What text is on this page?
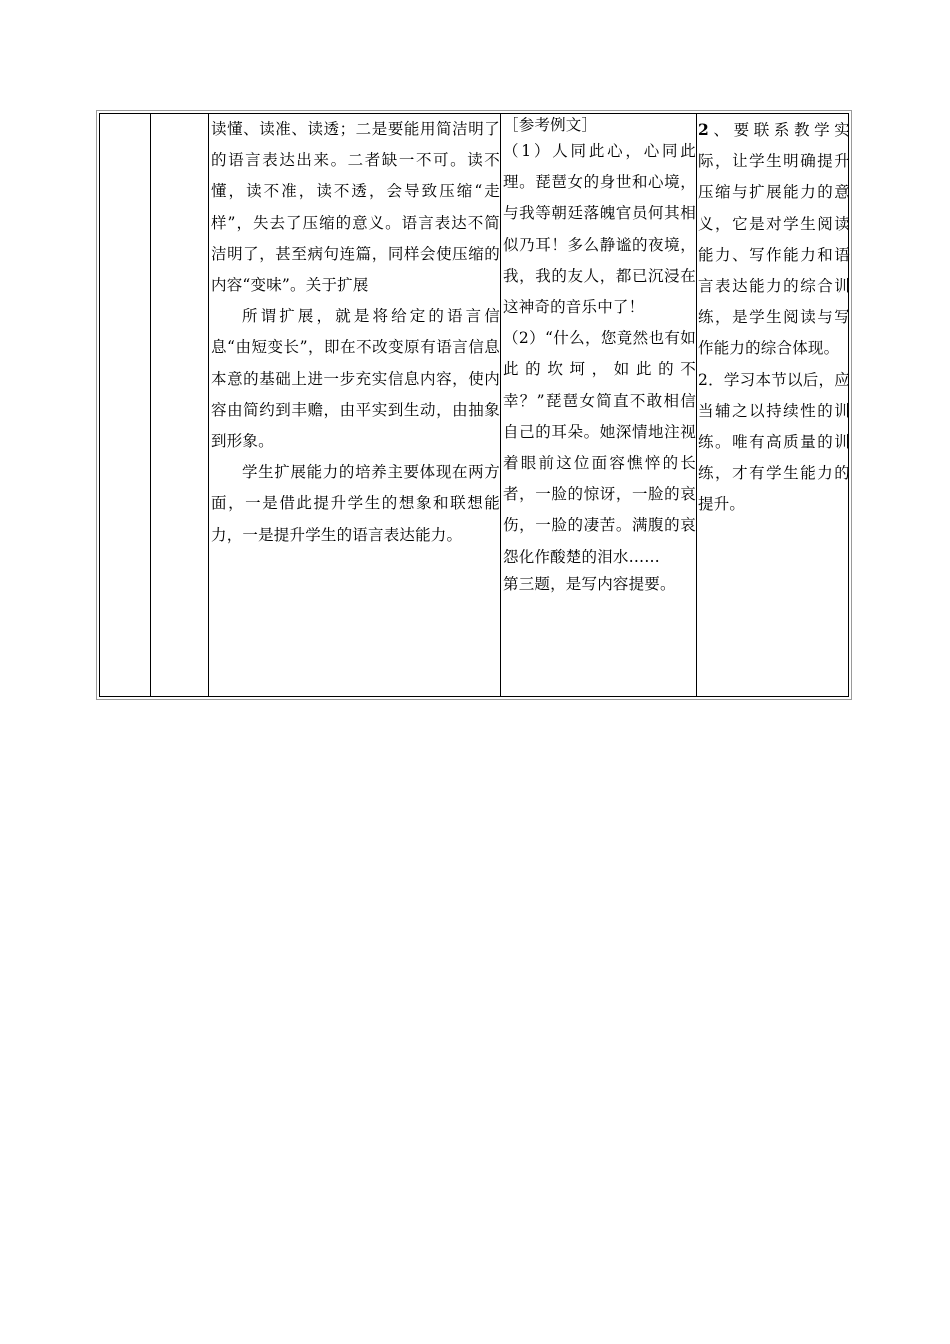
读懂、读准、读透；二是要能用简洁明了的语言表达出来。二者缺一不可。读不懂，读不准，读不透，会导致压缩“走样”，失去了压缩的意义。语言表达不简洁明了，甚至病句连篇，同样会使压缩的内容“变味”。关于扩展

所谓扩展，就是将给定的语言信息“由短变长”，即在不改变原有语言信息本意的基础上进一步充实信息内容，使内容由简约到丰赡，由平实到生动，由抽象到形象。

学生扩展能力的培养主要体现在两方面，一是借此提升学生的想象和联想能力，一是提升学生的语言表达能力。

［参考例文］

（1）人同此心，心同此理。琵琶女的身世和心境，与我等朝廷落魄官员何其相似乃耳！多么静谧的夜境，我，我的友人，都已沉浸在这神奇的音乐中了！

（2）“什么，您竟然也有如此的坎坷，如此的不幸？”琵琶女简直不敢相信自己的耳朵。她深情地注视着眼前这位面容憔悴的长者，一脸的惊讶，一脸的哀伤，一脸的凄苦。满腹的哀怨化作酸楚的泪水……

第三题，是写内容提要。

2、要联系教学实际，让学生明确提升压缩与扩展能力的意义，它是对学生阅读能力、写作能力和语言表达能力的综合训练，是学生阅读与写作能力的综合体现。

2．学习本节以后，应当辅之以持续性的训练。唯有高质量的训练，才有学生能力的提升。
